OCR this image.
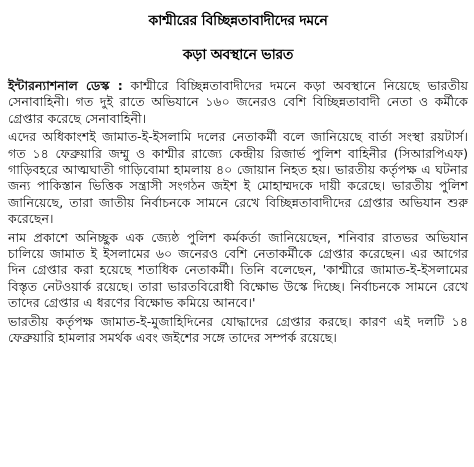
কাশ্মীরের বিচ্ছিন্নতাবাদীদের দমনে
কড়া অবস্থানে ভারত

ইন্টারন্যাশনাল ডেস্ক : কাশ্মীরে বিচ্ছিন্নতাবাদীদের দমনে কড়া অবস্থানে নিয়েছে ভারতীয় সেনাবাহিনী। গত দুই রাতে অভিযানে ১৬০ জনেরও বেশি বিচ্ছিন্নতাবাদী নেতা ও কর্মীকে গ্রেপ্তার করেছে সেনাবাহিনী।

এদের অধিকাংশই জামাত-ই-ইসলামি দলের নেতাকর্মী বলে জানিয়েছে বার্তা সংস্থা রয়টার্স। গত ১৪ ফেব্রুয়ারি জম্মু ও কাশ্মীর রাজ্যে কেন্দ্রীয় রিজার্ভ পুলিশ বাহিনীর (সিআরপিএফ) গাড়িবহরে আত্মঘাতী গাড়িবোমা হামলায় ৪০ জোয়ান নিহত হয়। ভারতীয় কর্তৃপক্ষ এ ঘটনার জন্য পাকিস্তান ভিত্তিক সন্ত্রাসী সংগঠন জইশ ই মোহাম্মদকে দায়ী করেছে। ভারতীয় পুলিশ জানিয়েছে, তারা জাতীয় নির্বাচনকে সামনে রেখে বিচ্ছিন্নতাবাদীদের গ্রেপ্তার অভিযান শুরু করেছেন।

নাম প্রকাশে অনিচ্ছুক এক জ্যেষ্ঠ পুলিশ কর্মকর্তা জানিয়েছেন, শনিবার রাতভর অভিযান চালিয়ে জামাত ই ইসলামের ৬০ জনেরও বেশি নেতাকর্মীকে গ্রেপ্তার করেছেন। এর আগের দিন গ্রেপ্তার করা হয়েছে শতাধিক নেতাকর্মী। তিনি বলেছেন, 'কাশ্মীরে জামাত-ই-ইসলামের বিস্তৃত নেটওয়ার্ক রয়েছে। তারা ভারতবিরোধী বিক্ষোভ উস্কে দিচ্ছে। নির্বাচনকে সামনে রেখে তাদের গ্রেপ্তার এ ধরণের বিক্ষোভ কমিয়ে আনবে।'

ভারতীয় কর্তৃপক্ষ জামাত-ই-মুজাহিদিনের যোদ্ধাদের গ্রেপ্তার করছে। কারণ এই দলটি ১৪ ফেব্রুয়ারি হামলার সমর্থক এবং জইশের সঙ্গে তাদের সম্পর্ক রয়েছে।
